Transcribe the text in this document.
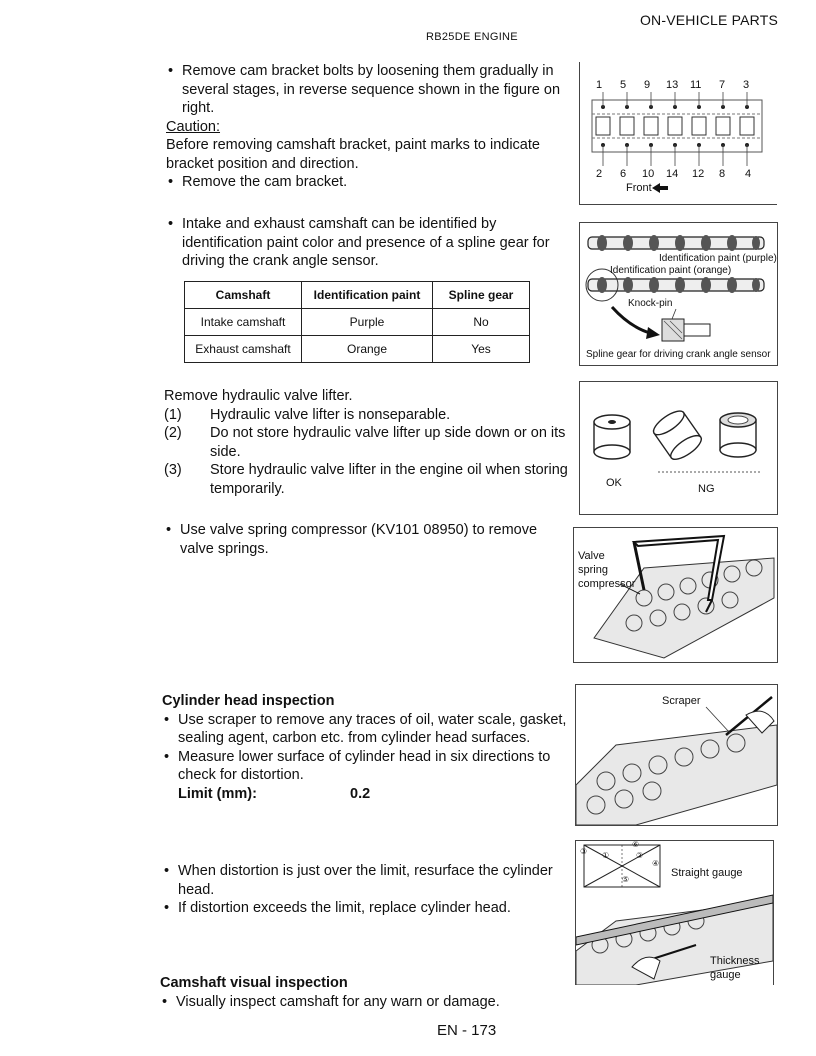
ON-VEHICLE PARTS
RB25DE ENGINE
• Remove cam bracket bolts by loosening them gradually in several stages, in reverse sequence shown in the figure on right.
Caution:
Before removing camshaft bracket, paint marks to indicate bracket position and direction.
• Remove the cam bracket.
1 5 9 13 11 7 3
2 6 10 14 12 8 4
Front
• Intake and exhaust camshaft can be identified by identification paint color and presence of a spline gear for driving the crank angle sensor.
Camshaft	Identification paint	Spline gear
Intake camshaft	Purple	No
Exhaust camshaft	Orange	Yes
Identification paint (purple)
Identification paint (orange)
Knock-pin
Spline gear for driving crank angle sensor
Remove hydraulic valve lifter.
(1)	Hydraulic valve lifter is nonseparable.
(2)	Do not store hydraulic valve lifter up side down or on its side.
(3)	Store hydraulic valve lifter in the engine oil when storing temporarily.	OK	NG
• Use valve spring compressor (KV101 08950) to remove valve springs.	Valve
spring
compressor
Cylinder head inspection
• Use scraper to remove any traces of oil, water scale, gasket, sealing agent, carbon etc. from cylinder head surfaces.
• Measure lower surface of cylinder head in six directions to check for distortion.
Limit (mm):	0.2
• When distortion is just over the limit, resurface the cylinder head.
• If distortion exceeds the limit, replace cylinder head.
Scraper
③
⑥
①	②
④
⑤
Straight gauge
Thickness
gauge
Camshaft visual inspection
• Visually inspect camshaft for any warn or damage.
EN - 173
